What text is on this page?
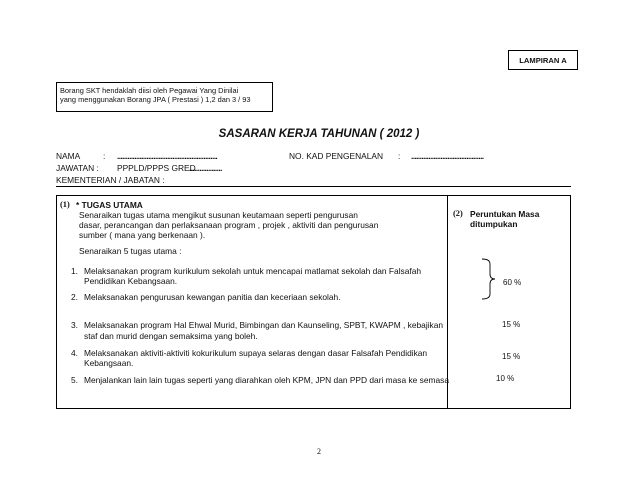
LAMPIRAN A
Borang SKT hendaklah diisi oleh Pegawai Yang Dinilai
yang menggunakan Borang JPA ( Prestasi ) 1,2 dan 3 / 93
SASARAN KERJA TAHUNAN ( 2012 )
NAMA	: ..........................................................	NO. KAD PENGENALAN : ..........................................
JAWATAN : PPPLD/PPPS GRED
...................
KEMENTERIAN / JABATAN :
(1) * TUGAS UTAMA
Senaraikan tugas utama mengikut susunan keutamaan seperti pengurusan
dasar, perancangan dan perlaksanaan program , projek , aktiviti dan pengurusan
sumber ( mana yang berkenaan ).
Senaraikan 5 tugas utama :
1. Melaksanakan program kurikulum sekolah untuk mencapai matlamat sekolah dan Falsafah
Pendidikan Kebangsaan.
2. Melaksanakan pengurusan kewangan panitia dan keceriaan sekolah.
3. Melaksanakan program Hal Ehwal Murid, Bimbingan dan Kaunseling, SPBT, KWAPM , kebajikan
staf dan murid dengan semaksima yang boleh.
4. Melaksanakan aktiviti-aktiviti kokurikulum supaya selaras dengan dasar Falsafah Pendidikan
Kebangsaan.
5. Menjalankan lain lain tugas seperti yang diarahkan oleh KPM, JPN dan PPD dari masa ke semasa
(2) Peruntukan Masa
ditumpukan
60 %
15 %
15 %
10 %
2
